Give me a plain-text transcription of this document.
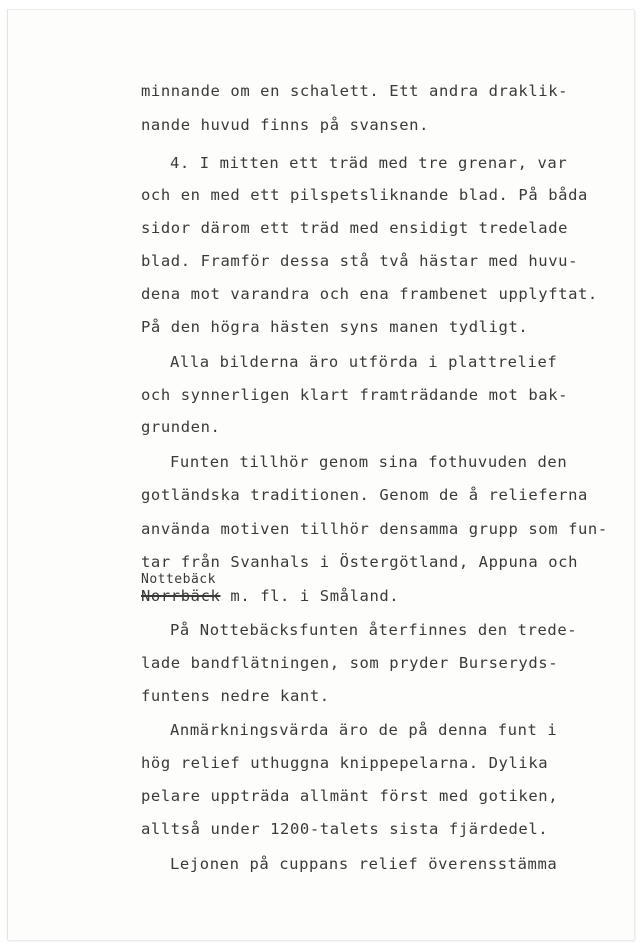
minnande om en schalett. Ett andra draklik-
nande huvud finns på svansen.
4. I mitten ett träd med tre grenar, var
och en med ett pilspetsliknande blad. På båda
sidor därom ett träd med ensidigt tredelade
blad. Framför dessa stå två hästar med huvu-
dena mot varandra och ena frambenet upplyftat.
På den högra hästen syns manen tydligt.
Alla bilderna äro utförda i plattrelief
och synnerligen klart framträdande mot bak-
grunden.
Funten tillhör genom sina fothuvuden den
gotländska traditionen. Genom de å relieferna
använda motiven tillhör densamma grupp som fun-
tar från Svanhals i Östergötland, Appuna och
Nottebäck
Norrbäck m. fl. i Småland.
På Nottebäcksfunten återfinnes den trede-
lade bandflätningen, som pryder Burseryds-
funtens nedre kant.
Anmärkningsvärda äro de på denna funt i
hög relief uthuggna knippepelarna. Dylika
pelare uppträda allmänt först med gotiken,
alltså under 1200-talets sista fjärdedel.
Lejonen på cuppans relief överensstämma
